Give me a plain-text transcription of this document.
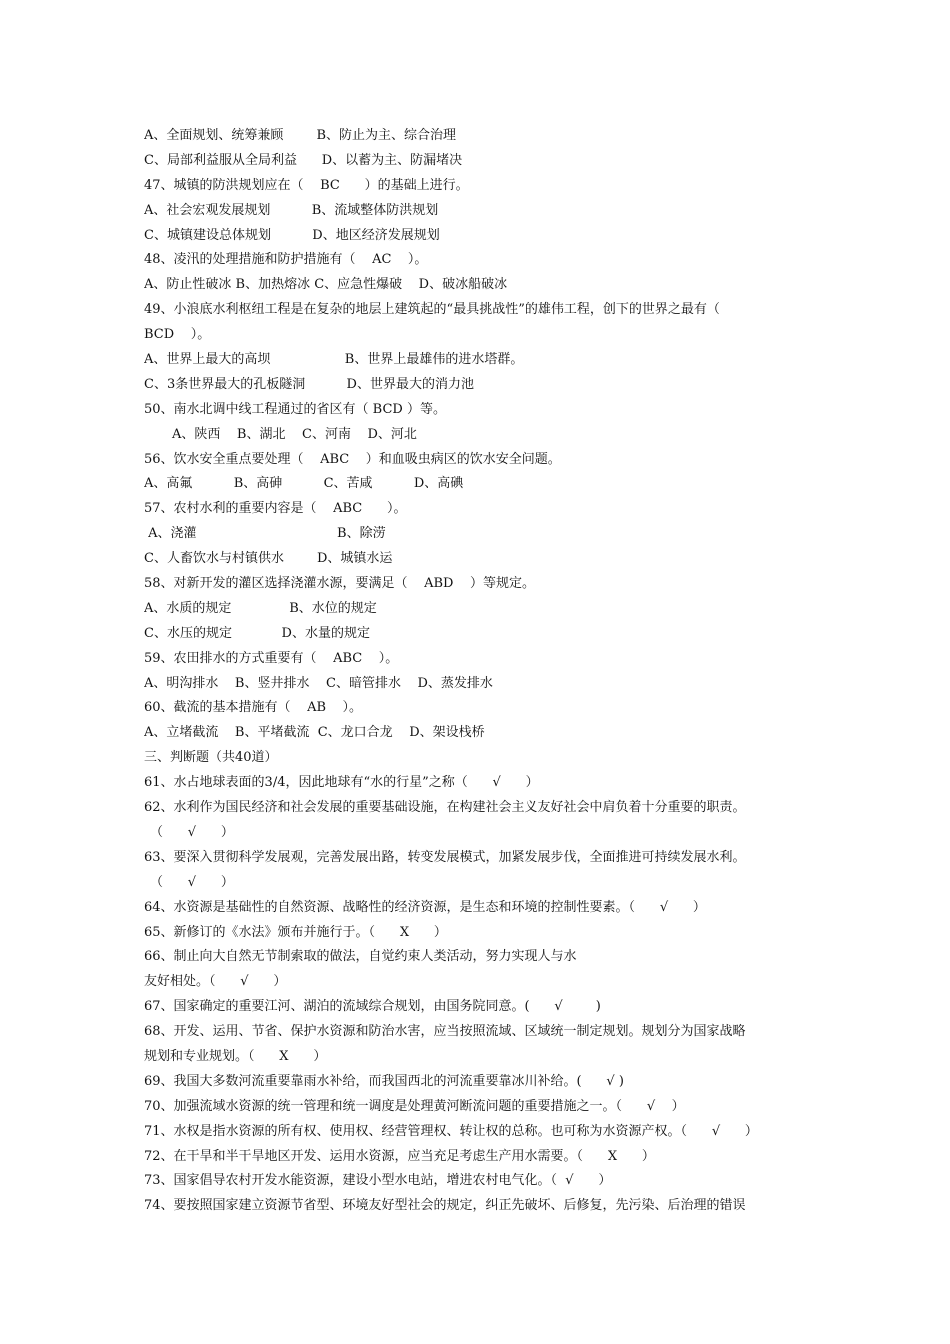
A、全面规划、统筹兼顾        B、防止为主、综合治理
C、局部利益服从全局利益      D、以蓄为主、防漏堵决
47、城镇的防洪规划应在（    BC      ）的基础上进行。
A、社会宏观发展规划          B、流域整体防洪规划
C、城镇建设总体规划          D、地区经济发展规划
48、凌汛的处理措施和防护措施有（    AC    ）。
A、防止性破冰 B、加热熔冰 C、应急性爆破    D、破冰船破冰
49、小浪底水利枢纽工程是在复杂的地层上建筑起的“最具挑战性”的雄伟工程，创下的世界之最有（
BCD    ）。
A、世界上最大的高坝                  B、世界上最雄伟的进水塔群。
C、3条世界最大的孔板隧洞          D、世界最大的消力池
50、南水北调中线工程通过的省区有（ BCD ）等。
A、陕西    B、湖北    C、河南    D、河北
56、饮水安全重点要处理（    ABC    ）和血吸虫病区的饮水安全问题。
A、高氟          B、高砷          C、苦咸          D、高碘
57、农村水利的重要内容是（    ABC      ）。
A、浇灌                                  B、除涝
C、人畜饮水与村镇供水        D、城镇水运
58、对新开发的灌区选择浇灌水源，要满足（    ABD    ）等规定。
A、水质的规定              B、水位的规定
C、水压的规定            D、水量的规定
59、农田排水的方式重要有（    ABC    ）。
A、明沟排水    B、竖井排水    C、暗管排水    D、蒸发排水
60、截流的基本措施有（    AB    ）。
A、立堵截流    B、平堵截流  C、龙口合龙    D、架设栈桥
三、判断题（共40道）
61、水占地球表面的3/4，因此地球有“水的行星”之称（      √      ）
62、水利作为国民经济和社会发展的重要基础设施，在构建社会主义友好社会中肩负着十分重要的职责。
（      √      ）
63、要深入贯彻科学发展观，完善发展出路，转变发展模式，加紧发展步伐，全面推进可持续发展水利。
（      √      ）
64、水资源是基础性的自然资源、战略性的经济资源，是生态和环境的控制性要素。（      √      ）
65、新修订的《水法》颁布并施行于。（      X      ）
66、制止向大自然无节制索取的做法，自觉约束人类活动，努力实现人与水
友好相处。（      √      ）
67、国家确定的重要江河、湖泊的流域综合规划，由国务院同意。(      √        )
68、开发、运用、节省、保护水资源和防治水害，应当按照流域、区域统一制定规划。规划分为国家战略
规划和专业规划。（      X      ）
69、我国大多数河流重要靠雨水补给，而我国西北的河流重要靠冰川补给。(      √ )
70、加强流域水资源的统一管理和统一调度是处理黄河断流问题的重要措施之一。（      √    ）
71、水权是指水资源的所有权、使用权、经营管理权、转让权的总称。也可称为水资源产权。（      √      ）
72、在干旱和半干旱地区开发、运用水资源，应当充足考虑生产用水需要。（      X      ）
73、国家倡导农村开发水能资源，建设小型水电站，增进农村电气化。（  √      ）
74、要按照国家建立资源节省型、环境友好型社会的规定，纠正先破坏、后修复，先污染、后治理的错误
